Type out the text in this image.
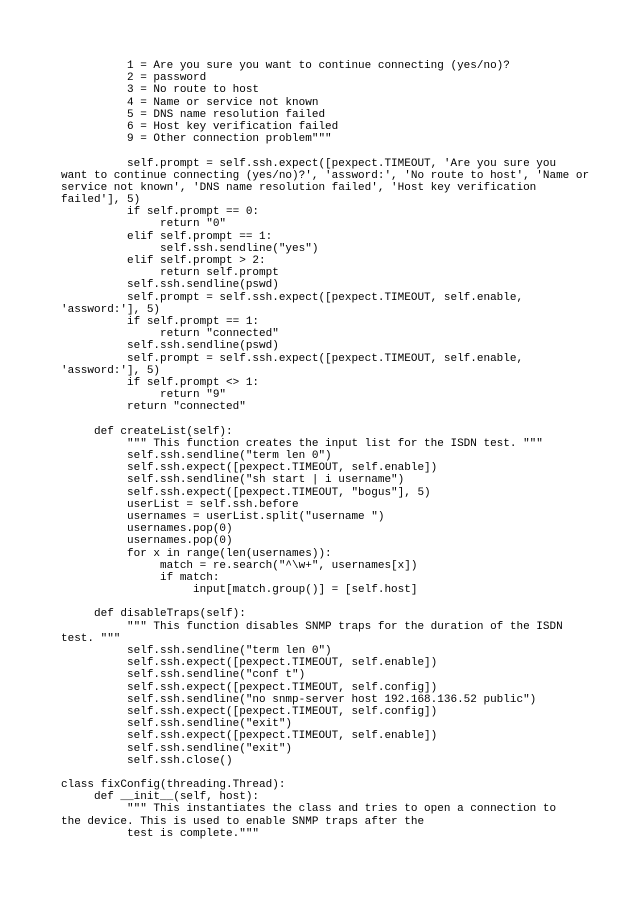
1 = Are you sure you want to continue connecting (yes/no)?
2 = password
3 = No route to host
4 = Name or service not known
5 = DNS name resolution failed
6 = Host key verification failed
9 = Other connection problem"""
self.prompt = self.ssh.expect([pexpect.TIMEOUT, 'Are you sure you
want to continue connecting (yes/no)?', 'assword:', 'No route to host', 'Name or
service not known', 'DNS name resolution failed', 'Host key verification
failed'], 5)
if self.prompt == 0:
return "0"
elif self.prompt == 1:
self.ssh.sendline("yes")
elif self.prompt > 2:
return self.prompt
self.ssh.sendline(pswd)
self.prompt = self.ssh.expect([pexpect.TIMEOUT, self.enable,
'assword:'], 5)
if self.prompt == 1:
return "connected"
self.ssh.sendline(pswd)
self.prompt = self.ssh.expect([pexpect.TIMEOUT, self.enable,
'assword:'], 5)
if self.prompt <> 1:
return "9"
return "connected"
def createList(self):
""" This function creates the input list for the ISDN test. """
self.ssh.sendline("term len 0")
self.ssh.expect([pexpect.TIMEOUT, self.enable])
self.ssh.sendline("sh start | i username")
self.ssh.expect([pexpect.TIMEOUT, "bogus"], 5)
userList = self.ssh.before
usernames = userList.split("username ")
usernames.pop(0)
usernames.pop(0)
for x in range(len(usernames)):
match = re.search("^\w+", usernames[x])
if match:
input[match.group()] = [self.host]
def disableTraps(self):
""" This function disables SNMP traps for the duration of the ISDN
test. """
self.ssh.sendline("term len 0")
self.ssh.expect([pexpect.TIMEOUT, self.enable])
self.ssh.sendline("conf t")
self.ssh.expect([pexpect.TIMEOUT, self.config])
self.ssh.sendline("no snmp-server host 192.168.136.52 public")
self.ssh.expect([pexpect.TIMEOUT, self.config])
self.ssh.sendline("exit")
self.ssh.expect([pexpect.TIMEOUT, self.enable])
self.ssh.sendline("exit")
self.ssh.close()
class fixConfig(threading.Thread):
def __init__(self, host):
""" This instantiates the class and tries to open a connection to
the device. This is used to enable SNMP traps after the
test is complete."""
